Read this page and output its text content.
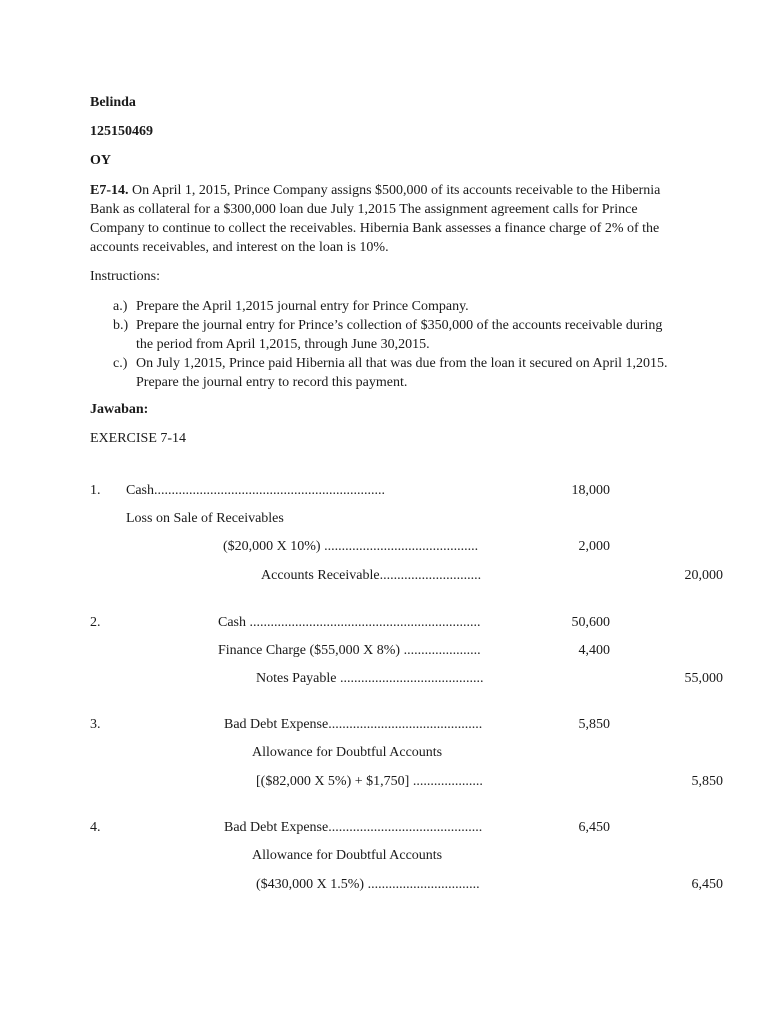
Belinda
125150469
OY
E7-14. On April 1, 2015, Prince Company assigns $500,000 of its accounts receivable to the Hibernia Bank as collateral for a $300,000 loan due July 1,2015 The assignment agreement calls for Prince Company to continue to collect the receivables. Hibernia Bank assesses a finance charge of 2% of the accounts receivables, and interest on the loan is 10%.
Instructions:
a.) Prepare the April 1,2015 journal entry for Prince Company.
b.) Prepare the journal entry for Prince’s collection of $350,000 of the accounts receivable during the period from April 1,2015, through June 30,2015.
c.) On July 1,2015, Prince paid Hibernia all that was due from the loan it secured on April 1,2015. Prepare the journal entry to record this payment.
Jawaban:
EXERCISE 7-14
1. Cash..................................................................	18,000
Loss on Sale of Receivables
($20,000 X 10%) ............................................	2,000
Accounts Receivable.............................	20,000
2.	Cash ..................................................................	50,600
Finance Charge ($55,000 X 8%) ......................	4,400
Notes Payable .........................................	55,000
3.	Bad Debt Expense............................................	5,850
Allowance for Doubtful Accounts
[($82,000 X 5%) + $1,750] ....................	5,850
4.	Bad Debt Expense............................................	6,450
Allowance for Doubtful Accounts
($430,000 X 1.5%) ................................	6,450
